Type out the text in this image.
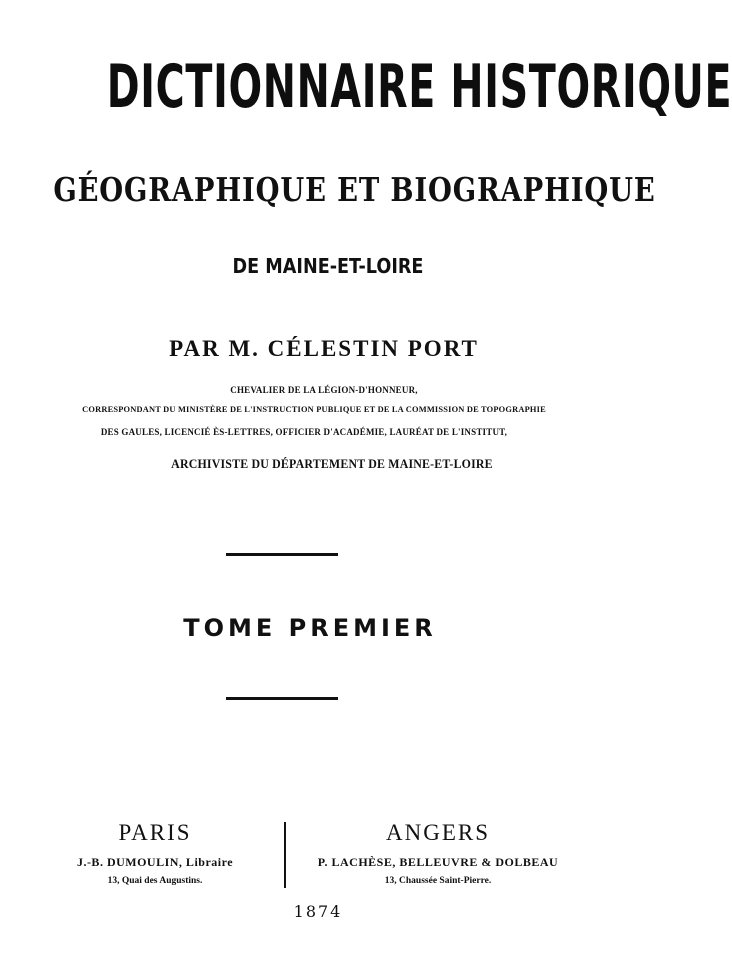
DICTIONNAIRE HISTORIQUE
GÉOGRAPHIQUE ET BIOGRAPHIQUE
DE MAINE-ET-LOIRE
PAR M. CÉLESTIN PORT
CHEVALIER DE LA LÉGION-D'HONNEUR,
CORRESPONDANT DU MINISTÈRE DE L'INSTRUCTION PUBLIQUE ET DE LA COMMISSION DE TOPOGRAPHIE
DES GAULES, LICENCIÉ ÈS-LETTRES, OFFICIER D'ACADÉMIE, LAURÉAT DE L'INSTITUT,
ARCHIVISTE DU DÉPARTEMENT DE MAINE-ET-LOIRE
TOME PREMIER
PARIS
J.-B. DUMOULIN, Libraire
13, Quai des Augustins.
ANGERS
P. LACHÈSE, BELLEUVRE & DOLBEAU
13, Chaussée Saint-Pierre.
1874
